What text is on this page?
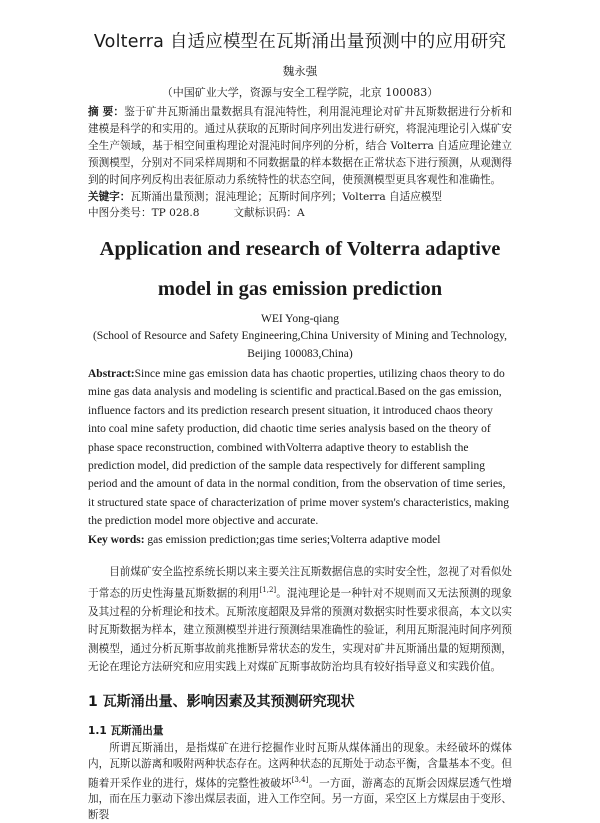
Volterra 自适应模型在瓦斯涌出量预测中的应用研究
魏永强
（中国矿业大学，资源与安全工程学院，北京 100083）

摘 要：鉴于矿井瓦斯涌出量数据具有混沌特性，利用混沌理论对矿井瓦斯数据进行分析和建模是科学的和实用的。通过从获取的瓦斯时间序列出发进行研究，将混沌理论引入煤矿安全生产领域，基于相空间重构理论对混沌时间序列的分析，结合 Volterra 自适应理论建立预测模型，分别对不同采样周期和不同数据量的样本数据在正常状态下进行预测，从观测得到的时间序列反构出表征原动力系统特性的状态空间，使预测模型更具客观性和准确性。

关键字：瓦斯涌出量预测；混沌理论；瓦斯时间序列；Volterra 自适应模型

中图分类号：TP 028.8	文献标识码：A

Application and research of Volterra adaptive model in gas emission prediction
WEI Yong-qiang
(School of Resource and Safety Engineering,China University of Mining and Technology, Beijing 100083,China)

Abstract:Since mine gas emission data has chaotic properties, utilizing chaos theory to do mine gas data analysis and modeling is scientific and practical.Based on the gas emission, influence factors and its prediction research present situation, it introduced chaos theory into coal mine safety production, did chaotic time series analysis based on the theory of phase space reconstruction, combined withVolterra adaptive theory to establish the prediction model, did prediction of the sample data respectively for different sampling period and the amount of data in the normal condition, from the observation of time series, it structured state space of characterization of prime mover system's characteristics, making the prediction model more objective and accurate.

Key words: gas emission prediction;gas time series;Volterra adaptive model

目前煤矿安全监控系统长期以来主要关注瓦斯数据信息的实时安全性，忽视了对看似处于常态的历史性海量瓦斯数据的利用[1,2]。混沌理论是一种针对不规则而又无法预测的现象及其过程的分析理论和技术。瓦斯浓度超限及异常的预测对数据实时性要求很高，本文以实时瓦斯数据为样本，建立预测模型并进行预测结果准确性的验证，利用瓦斯混沌时间序列预测模型，通过分析瓦斯事故前兆推断异常状态的发生，实现对矿井瓦斯涌出量的短期预测，无论在理论方法研究和应用实践上对煤矿瓦斯事故防治均具有较好指导意义和实践价值。

1 瓦斯涌出量、影响因素及其预测研究现状
1.1 瓦斯涌出量

所谓瓦斯涌出，是指煤矿在进行挖掘作业时瓦斯从煤体涌出的现象。未经破坏的煤体内，瓦斯以游离和吸附两种状态存在。这两种状态的瓦斯处于动态平衡，含量基本不变。但随着开采作业的进行，煤体的完整性被破坏[3,4]。一方面，游离态的瓦斯会因煤层透气性增加，而在压力驱动下渗出煤层表面，进入工作空间。另一方面，采空区上方煤层由于变形、断裂
